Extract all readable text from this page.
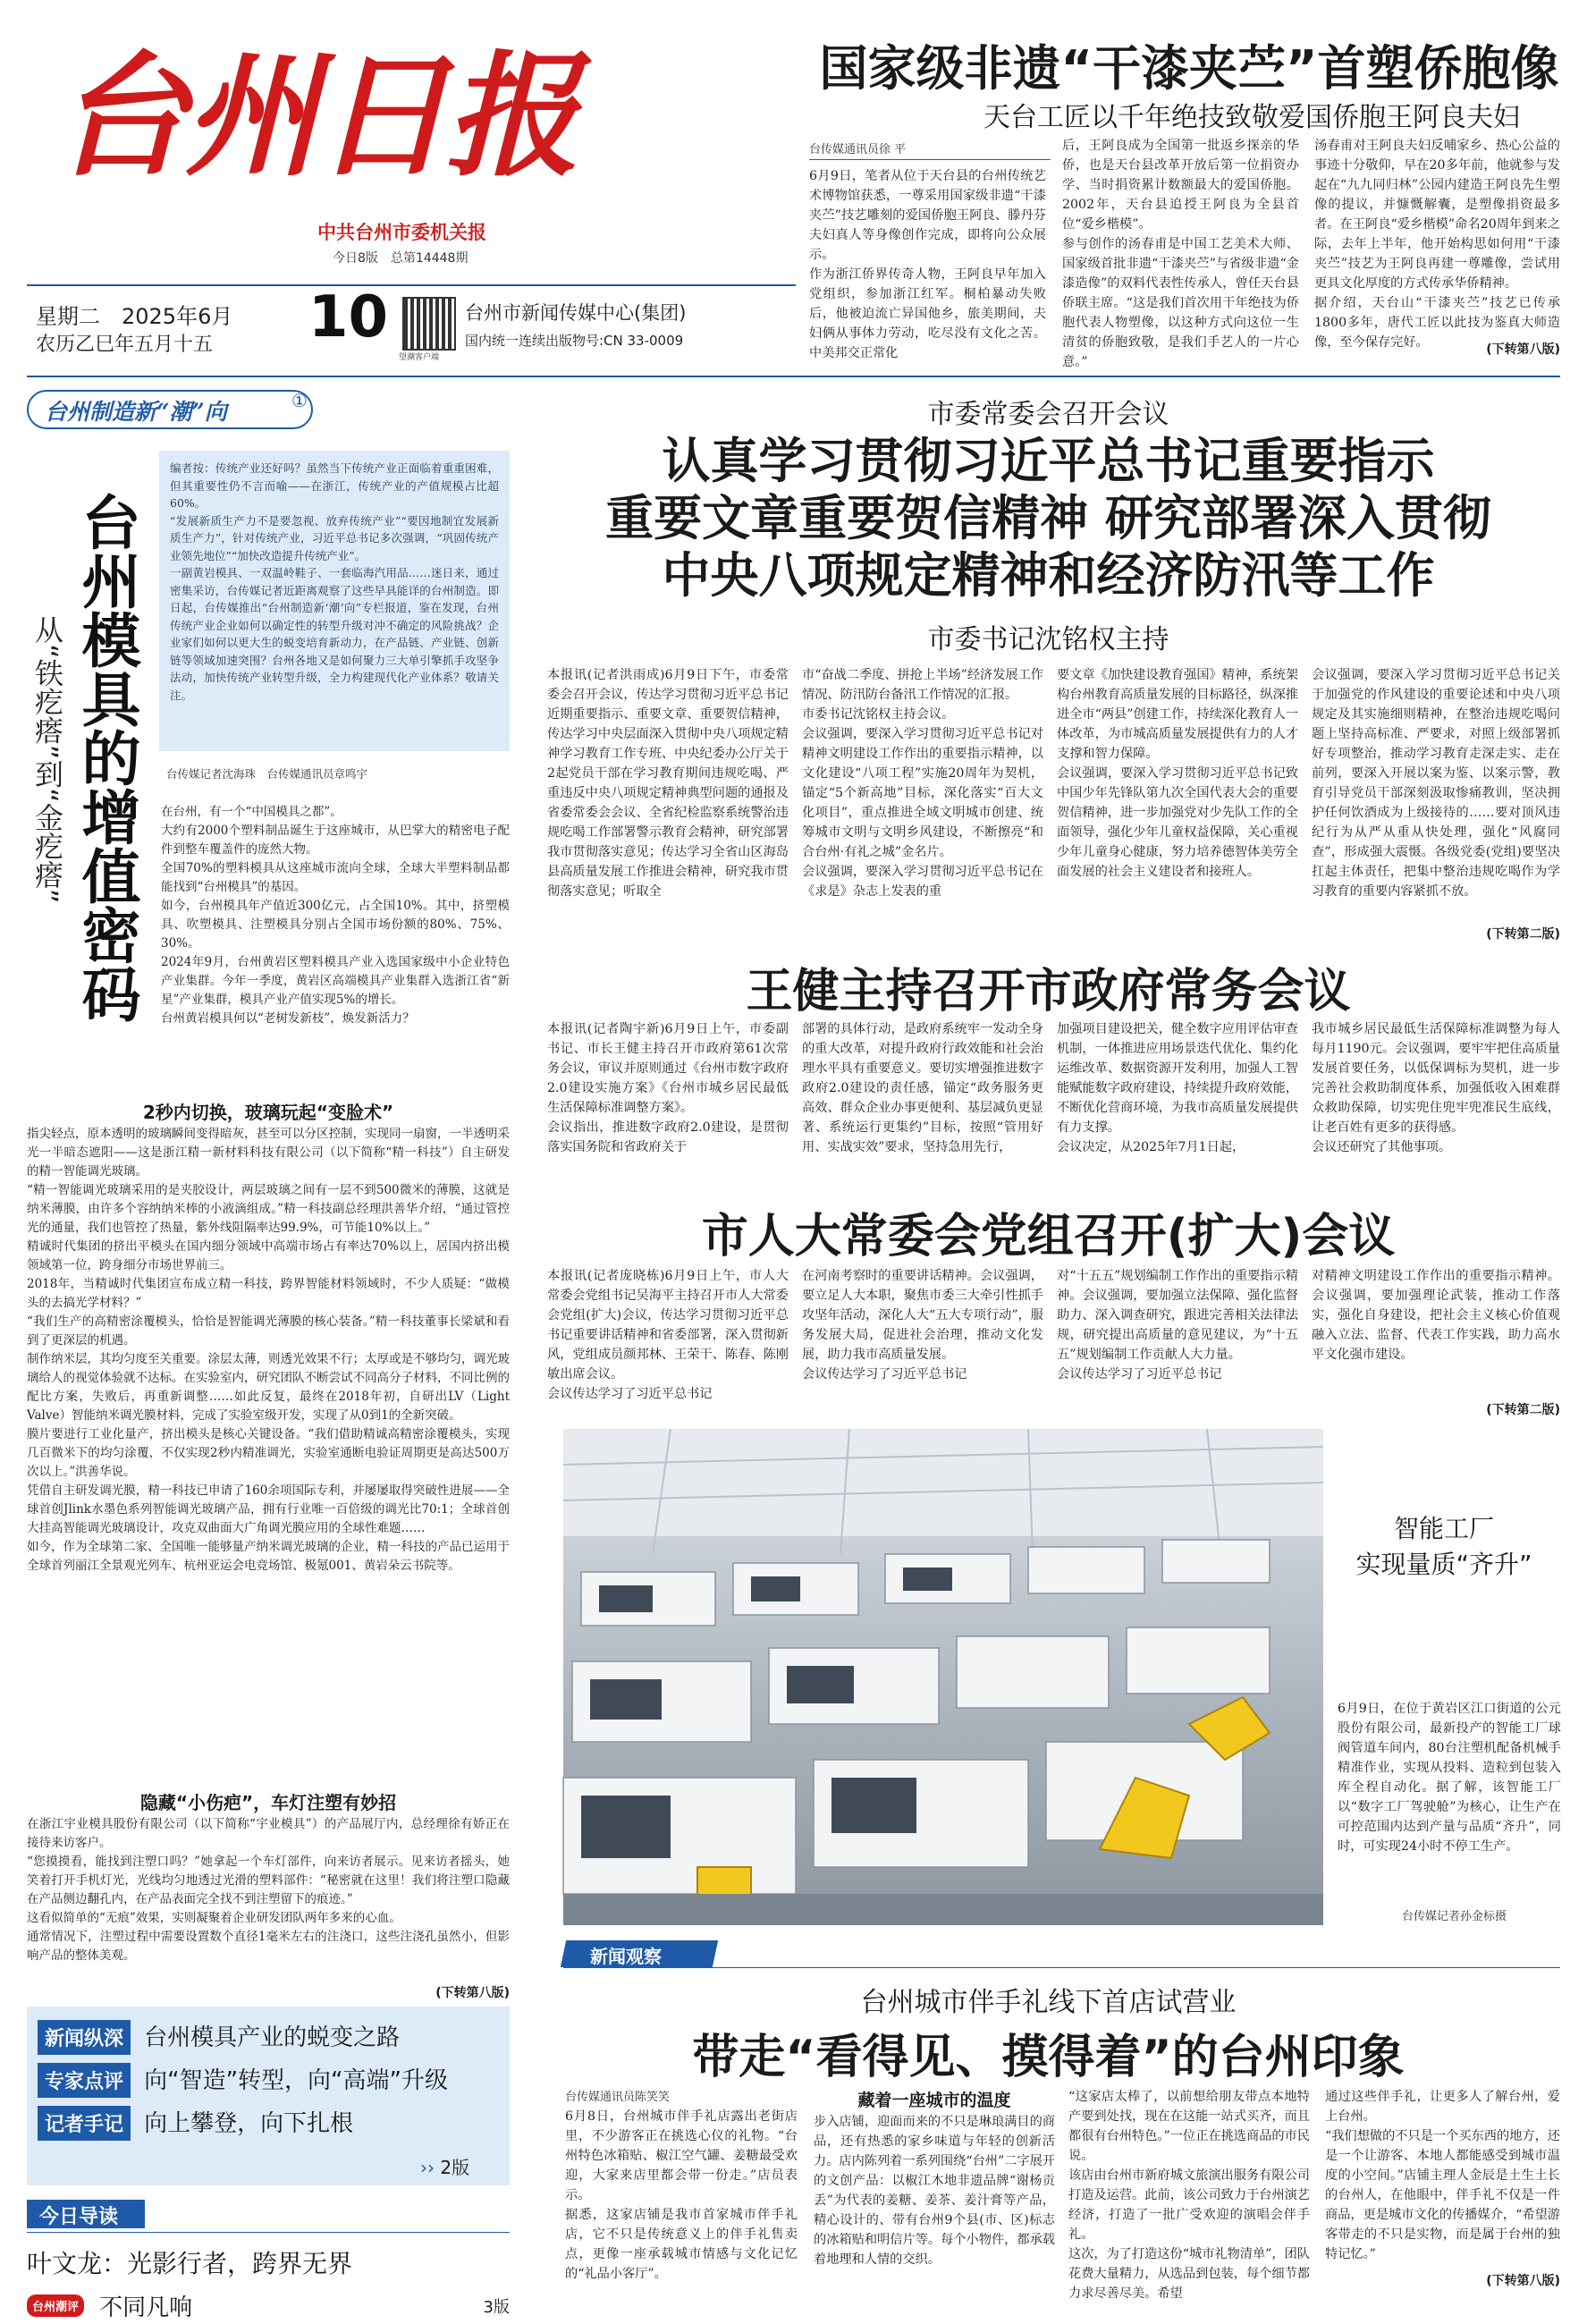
台州日报
中共台州市委机关报
今日8版　总第14448期
星期二　2025年6月
农历乙巳年五月十五 10
望潮客户端
台州市新闻传媒中心(集团)
国内统一连续出版物号:CN 33-0009
国家级非遗“干漆夹苎”首塑侨胞像
天台工匠以千年绝技致敬爱国侨胞王阿良夫妇
台传媒通讯员徐 平

6月9日，笔者从位于天台县的台州传统艺术博物馆获悉，一尊采用国家级非遗“干漆夹苎”技艺雕刻的爱国侨胞王阿良、滕丹芬夫妇真人等身像创作完成，即将向公众展示。
作为浙江侨界传奇人物，王阿良早年加入党组织，参加浙江红军。桐柏暴动失败后，他被迫流亡异国他乡，旅美期间，夫妇俩从事体力劳动，吃尽没有文化之苦。中美邦交正常化

后，王阿良成为全国第一批返乡探亲的华侨，也是天台县改革开放后第一位捐资办学、当时捐资累计数额最大的爱国侨胞。2002年，天台县追授王阿良为全县首位“爱乡楷模”。
参与创作的汤春甫是中国工艺美术大师、国家级首批非遗“干漆夹苎”与省级非遗“金漆造像”的双料代表性传承人，曾任天台县侨联主席。“这是我们首次用干年绝技为侨胞代表人物塑像，以这种方式向这位一生清贫的侨胞致敬，是我们手艺人的一片心意。”

汤春甫对王阿良夫妇反哺家乡、热心公益的事迹十分敬仰，早在20多年前，他就参与发起在“九九同归林”公园内建造王阿良先生塑像的提议，并慷慨解囊，是塑像捐资最多者。在王阿良“爱乡楷模”命名20周年到来之际，去年上半年，他开始构思如何用“干漆夹苎”技艺为王阿良再建一尊雕像，尝试用更具文化厚度的方式传承华侨精神。
据介绍，天台山“干漆夹苎”技艺已传承1800多年，唐代工匠以此技为鉴真大师造像，至今保存完好。	(下转第八版)
台州制造新“潮”向	①
台州模具的增值密码
从“铁疙瘩”到“金疙瘩”

编者按：传统产业还好吗？虽然当下传统产业正面临着重重困难，但其重要性仍不言而喻——在浙江，传统产业的产值规模占比超60%。
“发展新质生产力不是要忽视、放弃传统产业”“要因地制宜发展新质生产力”，针对传统产业，习近平总书记多次强调，“巩固传统产业领先地位”“加快改造提升传统产业”。
一副黄岩模具、一双温岭鞋子、一套临海汽用品……迷日来，通过密集采访，台传媒记者近距离观察了这些早具能详的台州制造。即日起，台传媒推出“台州制造新‘潮’向”专栏报道，鉴在发现，台州传统产业企业如何以确定性的转型升级对冲不确定的风险挑战？企业家们如何以更大生的蜕变培育新动力，在产品链、产业链、创新链等领域加速突围？台州各地又是如何聚力三大单引擎抓手攻坚争法动，加快传统产业转型升级，全力构建现代化产业体系？敬请关注。

台传媒记者沈海珠　台传媒通讯员章鸣宇

在台州，有一个“中国模具之都”。
大约有2000个塑料制品诞生于这座城市，从巴掌大的精密电子配件到整车覆盖件的庞然大物。
全国70%的塑料模具从这座城市流向全球，全球大半塑料制品都能找到“台州模具”的基因。
如今，台州模具年产值近300亿元，占全国10%。其中，挤塑模具、吹塑模具、注塑模具分别占全国市场份额的80%、75%、30%。
2024年9月，台州黄岩区塑料模具产业入选国家级中小企业特色产业集群。今年一季度，黄岩区高端模具产业集群入选浙江省“新星”产业集群，模具产业产值实现5%的增长。
台州黄岩模具何以“老树发新枝”，焕发新活力？

2秒内切换，玻璃玩起“变脸术”

指尖轻点，原本透明的玻璃瞬间变得暗灰，甚至可以分区控制，实现同一扇窗，一半透明采光一半暗态遮阳——这是浙江精一新材料科技有限公司（以下简称“精一科技”）自主研发的精一智能调光玻璃。
“精一智能调光玻璃采用的是夹胶设计，两层玻璃之间有一层不到500微米的薄膜，这就是纳米薄膜，由许多个容纳纳米棒的小液滴组成。”精一科技副总经理洪善华介绍，“通过管控光的通量，我们也管控了热量，紫外线阻隔率达99.9%，可节能10%以上。”
精诚时代集团的挤出平模头在国内细分领域中高端市场占有率达70%以上，居国内挤出模领域第一位，跨身细分市场世界前三。
2018年，当精诚时代集团宣布成立精一科技，跨界智能材料领域时，不少人质疑：“做模头的去搞光学材料？”
“我们生产的高精密涂覆模头，恰恰是智能调光薄膜的核心装备。”精一科技董事长梁斌和看到了更深层的机遇。
制作纳米层，其均匀度至关重要。涂层太薄，则透光效果不行；太厚或是不够均匀，调光玻璃给人的视觉体验就不达标。在实验室内，研究团队不断尝试不同高分子材料，不同比例的配比方案，失败后，再重新调整……如此反复，最终在2018年初，自研出LV（Light Valve）智能纳米调光膜材料，完成了实验室级开发，实现了从0到1的全新突破。
膜片要进行工业化量产，挤出模头是核心关键设备。“我们借助精诚高精密涂覆模头，实现几百微米下的均匀涂覆，不仅实现2秒内精准调光，实验室通断电验证周期更是高达500万次以上。”洪善华说。
凭借自主研发调光膜，精一科技已申请了160余项国际专利，并屡屡取得突破性进展——全球首创Jlink水墨色系列智能调光玻璃产品，拥有行业唯一百倍级的调光比70:1；全球首创大挂高智能调光玻璃设计，攻克双曲面大广角调光膜应用的全球性难题……
如今，作为全球第二家、全国唯一能够量产纳米调光玻璃的企业，精一科技的产品已运用于全球首列丽江全景观光列车、杭州亚运会电竞场馆、极氪001、黄岩朵云书院等。

隐藏“小伤疤”，车灯注塑有妙招

在浙江宇业模具股份有限公司（以下简称“宇业模具”）的产品展厅内，总经理徐有娇正在接待来访客户。
“您摸摸看，能找到注塑口吗？”她拿起一个车灯部件，向来访者展示。见来访者摇头，她笑着打开手机灯光，光线均匀地透过光滑的塑料部件：“秘密就在这里！我们将注塑口隐藏在产品侧边翻孔内，在产品表面完全找不到注塑留下的痕迹。”
这看似简单的“无痕”效果，实则凝聚着企业研发团队两年多来的心血。
通常情况下，注塑过程中需要设置数个直径1毫米左右的注浇口，这些注浇孔虽然小，但影响产品的整体美观。

(下转第八版)
新闻纵深 台州模具产业的蜕变之路
专家点评 向“智造”转型，向“高端”升级
记者手记 向上攀登，向下扎根
›› 2版
今日导读
叶文龙：光影行者，跨界无界
台州潮评 不同凡响	3版
市委常委会召开会议
认真学习贯彻习近平总书记重要指示
重要文章重要贺信精神 研究部署深入贯彻
中央八项规定精神和经济防汛等工作
市委书记沈铭权主持

本报讯(记者洪雨成)6月9日下午，市委常委会召开会议，传达学习贯彻习近平总书记近期重要指示、重要文章、重要贺信精神，传达学习中央层面深入贯彻中央八项规定精神学习教育工作专班、中央纪委办公厅关于2起党员干部在学习教育期间违规吃喝、严重违反中央八项规定精神典型问题的通报及省委常委会会议、全省纪检监察系统警治违规吃喝工作部署警示教育会精神，研究部署我市贯彻落实意见；传达学习全省山区海岛县高质量发展工作推进会精神，研究我市贯彻落实意见；听取全

市“奋战二季度、拼抢上半场”经济发展工作情况、防汛防台备汛工作情况的汇报。
市委书记沈铭权主持会议。
会议强调，要深入学习贯彻习近平总书记对精神文明建设工作作出的重要指示精神，以文化建设“八项工程”实施20周年为契机，锚定“5个新高地”目标，深化落实“百大文化项目”，重点推进全域文明城市创建、统筹城市文明与文明乡风建设，不断擦亮“和合台州·有礼之城”金名片。
会议强调，要深入学习贯彻习近平总书记在《求是》杂志上发表的重

要文章《加快建设教育强国》精神，系统架构台州教育高质量发展的目标路径，纵深推进全市“两县”创建工作，持续深化教育人一体改革，为市城高质量发展提供有力的人才支撑和智力保障。
会议强调，要深入学习贯彻习近平总书记致中国少年先锋队第九次全国代表大会的重要贺信精神，进一步加强党对少先队工作的全面领导，强化少年儿童权益保障，关心重视少年儿童身心健康，努力培养德智体美劳全面发展的社会主义建设者和接班人。

会议强调，要深入学习贯彻习近平总书记关于加强党的作风建设的重要论述和中央八项规定及其实施细则精神，在整治违规吃喝问题上坚持高标准、严要求，对照上级部署抓好专项整治，推动学习教育走深走实、走在前列，要深入开展以案为鉴、以案示警，教育引导党员干部深刻汲取惨痛教训，坚决拥护任何饮酒成为上级接待的……要对顶风违纪行为从严从重从快处理，强化“风腐同查”，形成强大震慑。各级党委(党组)要坚决扛起主体责任，把集中整治违规吃喝作为学习教育的重要内容紧抓不放。

(下转第二版)
王健主持召开市政府常务会议

本报讯(记者陶宇新)6月9日上午，市委副书记、市长王健主持召开市政府第61次常务会议，审议并原则通过《台州市数字政府2.0建设实施方案》《台州市城乡居民最低生活保障标准调整方案》。
会议指出，推进数字政府2.0建设，是贯彻落实国务院和省政府关于

部署的具体行动，是政府系统牢一发动全身的重大改革，对提升政府行政效能和社会治理水平具有重要意义。要切实增强推进数字政府2.0建设的责任感，锚定“政务服务更高效、群众企业办事更便利、基层减负更显著、系统运行更集约”目标，按照“管用好用、实战实效”要求，坚持急用先行，

加强项目建设把关，健全数字应用评估审查机制，一体推进应用场景迭代优化、集约化运维改革、数据资源开发利用，加强人工智能赋能数字政府建设，持续提升政府效能，不断优化营商环境，为我市高质量发展提供有力支撑。
会议决定，从2025年7月1日起，

我市城乡居民最低生活保障标准调整为每人每月1190元。会议强调，要牢牢把住高质量发展首要任务，以低保调标为契机，进一步完善社会救助制度体系，加强低收入困难群众救助保障，切实兜住兜牢兜准民生底线，让老百姓有更多的获得感。
会议还研究了其他事项。

市人大常委会党组召开(扩大)会议

本报讯(记者庞晓栋)6月9日上午，市人大常委会党组书记吴海平主持召开市人大常委会党组(扩大)会议，传达学习贯彻习近平总书记重要讲话精神和省委部署，深入贯彻新风，党组成员颜邦林、王荣干、陈春、陈刚敏出席会议。
会议传达学习了习近平总书记

在河南考察时的重要讲话精神。会议强调，要立足人大本职，聚焦市委三大牵引性抓手攻坚年活动，深化人大“五大专项行动”，服务发展大局，促进社会治理，推动文化发展，助力我市高质量发展。
会议传达学习了习近平总书记

对“十五五”规划编制工作作出的重要指示精神。会议强调，要加强立法保障、强化监督助力、深入调查研究，跟进完善相关法律法规，研究提出高质量的意见建议，为“十五五”规划编制工作贡献人大力量。
会议传达学习了习近平总书记

对精神文明建设工作作出的重要指示精神。会议强调，要加强理论武装，推动工作落实，强化自身建设，把社会主义核心价值观融入立法、监督、代表工作实践，助力高水平文化强市建设。

(下转第二版)
智能工厂
实现量质“齐升”

6月9日，在位于黄岩区江口街道的公元股份有限公司，最新投产的智能工厂球阀管道车间内，80台注塑机配备机械手精准作业，实现从投料、造粒到包装入库全程自动化。据了解，该智能工厂以“数字工厂驾驶舱”为核心，让生产在可控范围内达到产量与品质“齐升”，同时，可实现24小时不停工生产。

台传媒记者孙金标摄
新闻观察
台州城市伴手礼线下首店试营业
带走“看得见、摸得着”的台州印象
台传媒通讯员陈笑笑

6月8日，台州城市伴手礼店露出老街店里，不少游客正在挑选心仪的礼物。“台州特色冰箱贴、椒江空气罐、姜糖最受欢迎，大家来店里都会带一份走。”店员表示。
据悉，这家店铺是我市首家城市伴手礼店，它不只是传统意义上的伴手礼售卖点，更像一座承载城市情感与文化记忆的“礼品小客厅”。

藏着一座城市的温度

步入店铺，迎面而来的不只是琳琅满目的商品，还有热悉的家乡味道与年轻的创新活力。店内陈列着一系列围绕“台州”二字展开的文创产品：以椒江木地非遗品牌“谢杨贡丢”为代表的姜糖、姜茶、姜汁膏等产品，精心设计的、带有台州9个县(市、区)标志的冰箱贴和明信片等。每个小物件，都承载着地理和人情的交织。

“这家店太棒了，以前想给朋友带点本地特产要到处找，现在在这能一站式买齐，而且都很有台州特色。”一位正在挑选商品的市民说。
该店由台州市新府城文旅演出服务有限公司打造及运营。此前，该公司致力于台州演艺经济，打造了一批广受欢迎的演唱会伴手礼。
这次，为了打造这份“城市礼物清单”，团队花费大量精力，从选品到包装，每个细节都力求尽善尽美。希望

通过这些伴手礼，让更多人了解台州，爱上台州。
“我们想做的不只是一个买东西的地方，还是一个让游客、本地人都能感受到城市温度的小空间。”店铺主理人金辰是土生土长的台州人，在他眼中，伴手礼不仅是一件商品，更是城市文化的传播媒介，“希望游客带走的不只是实物，而是属于台州的独特记忆。”

(下转第八版)
